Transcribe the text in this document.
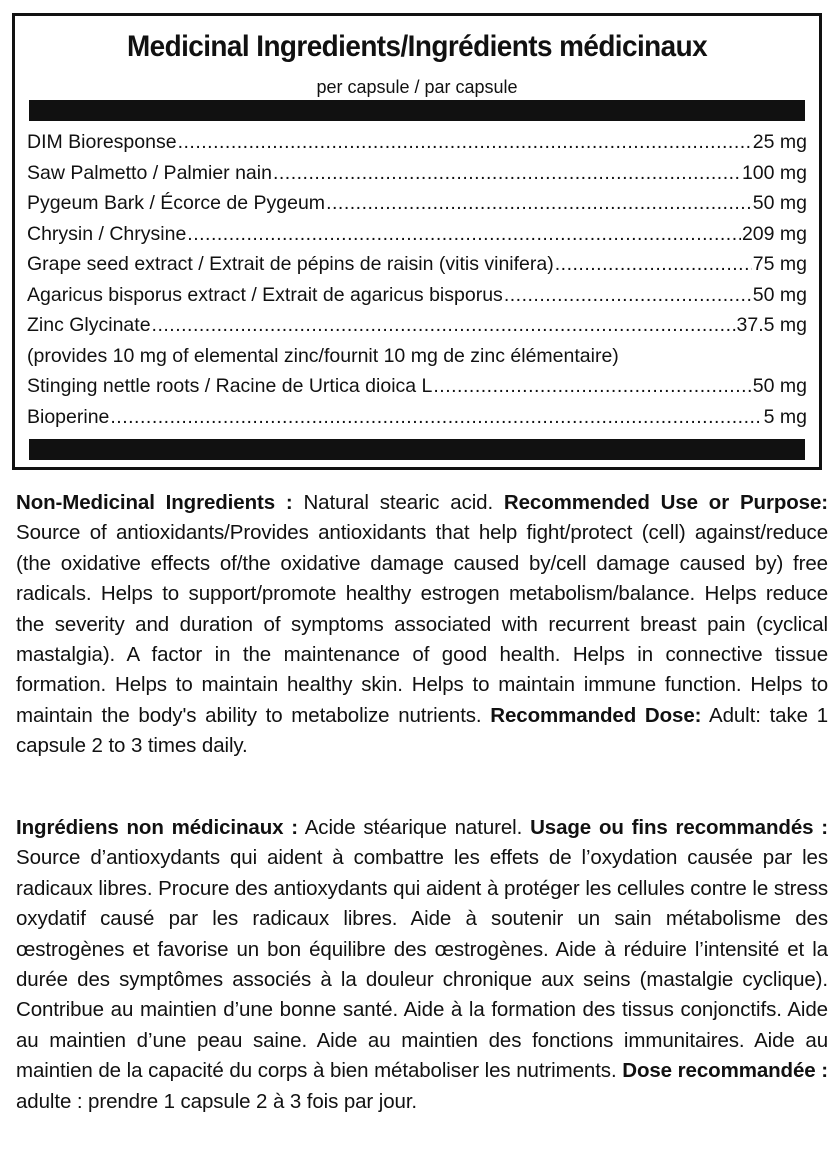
Medicinal Ingredients/Ingrédients médicinaux
per capsule / par capsule
DIM Bioresponse .....	25 mg
Saw Palmetto / Palmier nain .....	100 mg
Pygeum Bark / Écorce de Pygeum .....	50 mg
Chrysin / Chrysine .....	209 mg
Grape seed extract / Extrait de pépins de raisin (vitis vinifera) .....	75 mg
Agaricus bisporus extract / Extrait de agaricus bisporus .....	50 mg
Zinc Glycinate .....	37.5 mg
(provides 10 mg of elemental zinc/fournit 10 mg de zinc élémentaire)
Stinging nettle roots / Racine de Urtica dioica L .....	50 mg
Bioperine .....	5 mg

Non-Medicinal Ingredients : Natural stearic acid. Recommended Use or Purpose: Source of antioxidants/Provides antioxidants that help fight/protect (cell) against/reduce (the oxidative effects of/the oxidative damage caused by/cell damage caused by) free radicals. Helps to support/promote healthy estrogen metabolism/balance. Helps reduce the severity and duration of symptoms associated with recurrent breast pain (cyclical mastalgia). A factor in the maintenance of good health. Helps in connective tissue formation. Helps to maintain healthy skin. Helps to maintain immune function. Helps to maintain the body's ability to metabolize nutrients. Recommanded Dose: Adult: take 1 capsule 2 to 3 times daily.

Ingrédiens non médicinaux : Acide stéarique naturel. Usage ou fins recommandés : Source d’antioxydants qui aident à combattre les effets de l’oxydation causée par les radicaux libres. Procure des antioxydants qui aident à protéger les cellules contre le stress oxydatif causé par les radicaux libres. Aide à soutenir un sain métabolisme des œstrogènes et favorise un bon équilibre des œstrogènes. Aide à réduire l’intensité et la durée des symptômes associés à la douleur chronique aux seins (mastalgie cyclique). Contribue au maintien d’une bonne santé. Aide à la formation des tissus conjonctifs. Aide au maintien d’une peau saine. Aide au maintien des fonctions immunitaires. Aide au maintien de la capacité du corps à bien métaboliser les nutriments. Dose recommandée : adulte : prendre 1 capsule 2 à 3 fois par jour.
